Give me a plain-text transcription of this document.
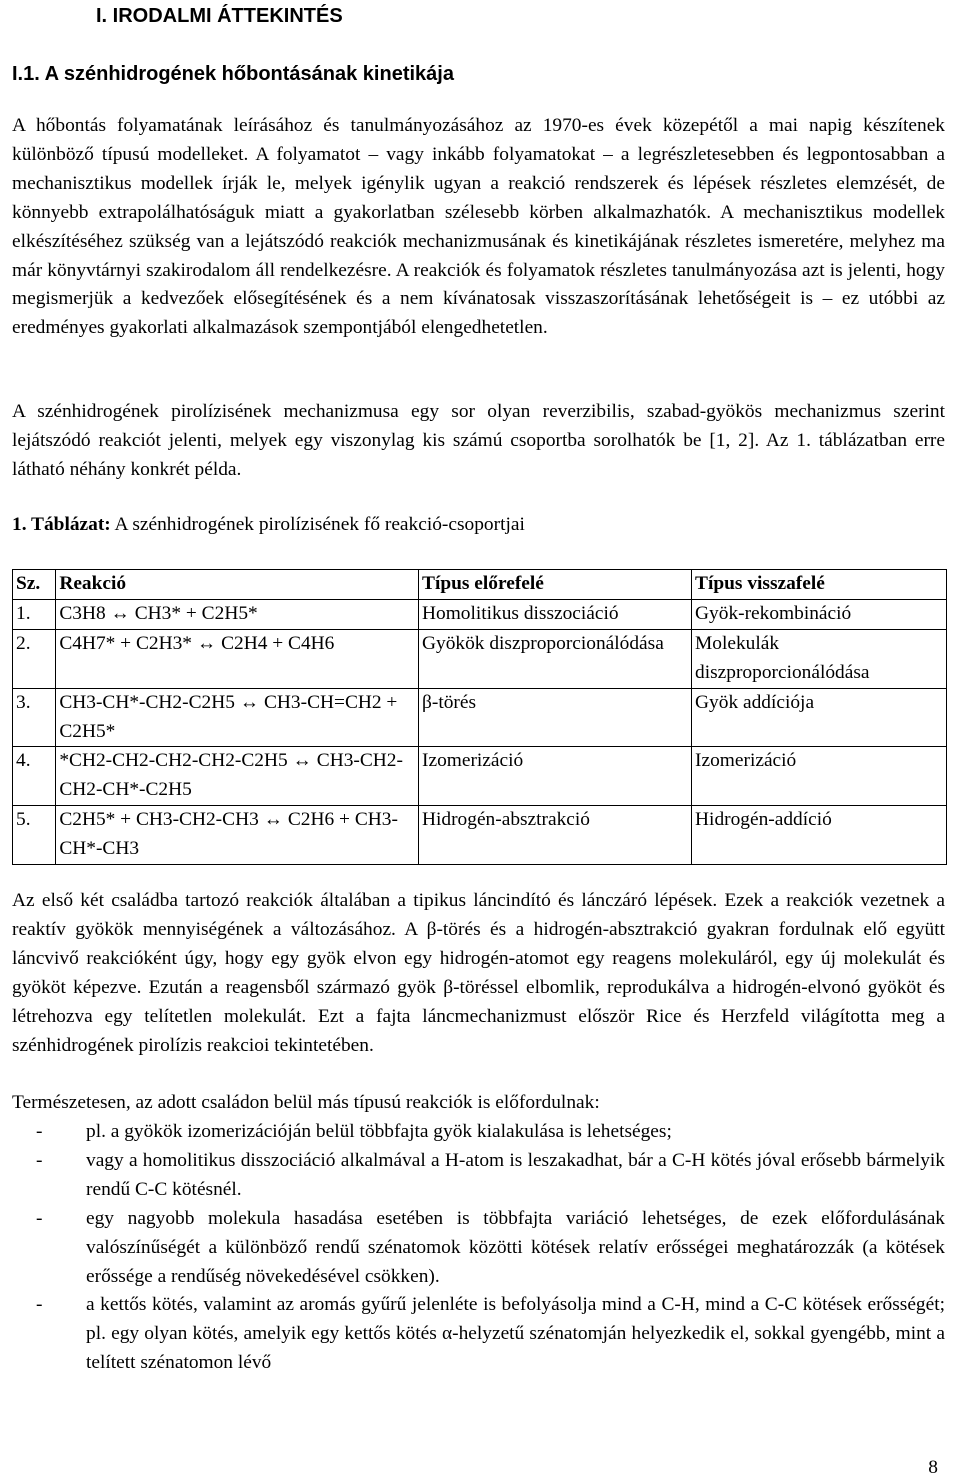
I. IRODALMI ÁTTEKINTÉS
I.1. A szénhidrogének hőbontásának kinetikája
A hőbontás folyamatának leírásához és tanulmányozásához az 1970-es évek közepétől a mai napig készítenek különböző típusú modelleket. A folyamatot – vagy inkább folyamatokat – a legrészletesebben és legpontosabban a mechanisztikus modellek írják le, melyek igénylik ugyan a reakció rendszerek és lépések részletes elemzését, de könnyebb extrapolálhatóságuk miatt a gyakorlatban szélesebb körben alkalmazhatók. A mechanisztikus modellek elkészítéséhez szükség van a lejátszódó reakciók mechanizmusának és kinetikájának részletes ismeretére, melyhez ma már könyvtárnyi szakirodalom áll rendelkezésre. A reakciók és folyamatok részletes tanulmányozása azt is jelenti, hogy megismerjük a kedvezőek elősegítésének és a nem kívánatosak visszaszorításának lehetőségeit is – ez utóbbi az eredményes gyakorlati alkalmazások szempontjából elengedhetetlen.
A szénhidrogének pirolízisének mechanizmusa egy sor olyan reverzibilis, szabad-gyökös mechanizmus szerint lejátszódó reakciót jelenti, melyek egy viszonylag kis számú csoportba sorolhatók be [1, 2]. Az 1. táblázatban erre látható néhány konkrét példa.
1. Táblázat: A szénhidrogének pirolízisének fő reakció-csoportjai
Sz.	Reakció	Típus előrefelé	Típus visszafelé
1.	C3H8 ↔ CH3* + C2H5*	Homolitikus disszociáció	Gyök-rekombináció
2.	C4H7* + C2H3* ↔ C2H4 + C4H6	Gyökök diszproporcionálódása	Molekulák diszproporcionálódása
3.	CH3-CH*-CH2-C2H5 ↔ CH3-CH=CH2 + C2H5*	β-törés	Gyök addíciója
4.	*CH2-CH2-CH2-CH2-C2H5 ↔ CH3-CH2-CH2-CH*-C2H5	Izomerizáció	Izomerizáció
5.	C2H5* + CH3-CH2-CH3 ↔ C2H6 + CH3-CH*-CH3	Hidrogén-absztrakció	Hidrogén-addíció
Az első két családba tartozó reakciók általában a tipikus láncindító és lánczáró lépések. Ezek a reakciók vezetnek a reaktív gyökök mennyiségének a változásához. A β-törés és a hidrogén-absztrakció gyakran fordulnak elő együtt láncvivő reakcióként úgy, hogy egy gyök elvon egy hidrogén-atomot egy reagens molekuláról, egy új molekulát és gyököt képezve. Ezután a reagensből származó gyök β-töréssel elbomlik, reprodukálva a hidrogén-elvonó gyököt és létrehozva egy telítetlen molekulát. Ezt a fajta láncmechanizmust először Rice és Herzfeld világította meg a szénhidrogének pirolízis reakcioi tekintetében.
Természetesen, az adott családon belül más típusú reakciók is előfordulnak:
- pl. a gyökök izomerizációján belül többfajta gyök kialakulása is lehetséges;
- vagy a homolitikus disszociáció alkalmával a H-atom is leszakadhat, bár a C-H kötés jóval erősebb bármelyik rendű C-C kötésnél.
- egy nagyobb molekula hasadása esetében is többfajta variáció lehetséges, de ezek előfordulásának valószínűségét a különböző rendű szénatomok közötti kötések relatív erősségei meghatározzák (a kötések erőssége a rendűség növekedésével csökken).
- a kettős kötés, valamint az aromás gyűrű jelenléte is befolyásolja mind a C-H, mind a C-C kötések erősségét; pl. egy olyan kötés, amelyik egy kettős kötés α-helyzetű szénatomján helyezkedik el, sokkal gyengébb, mint a telített szénatomon lévő
8
